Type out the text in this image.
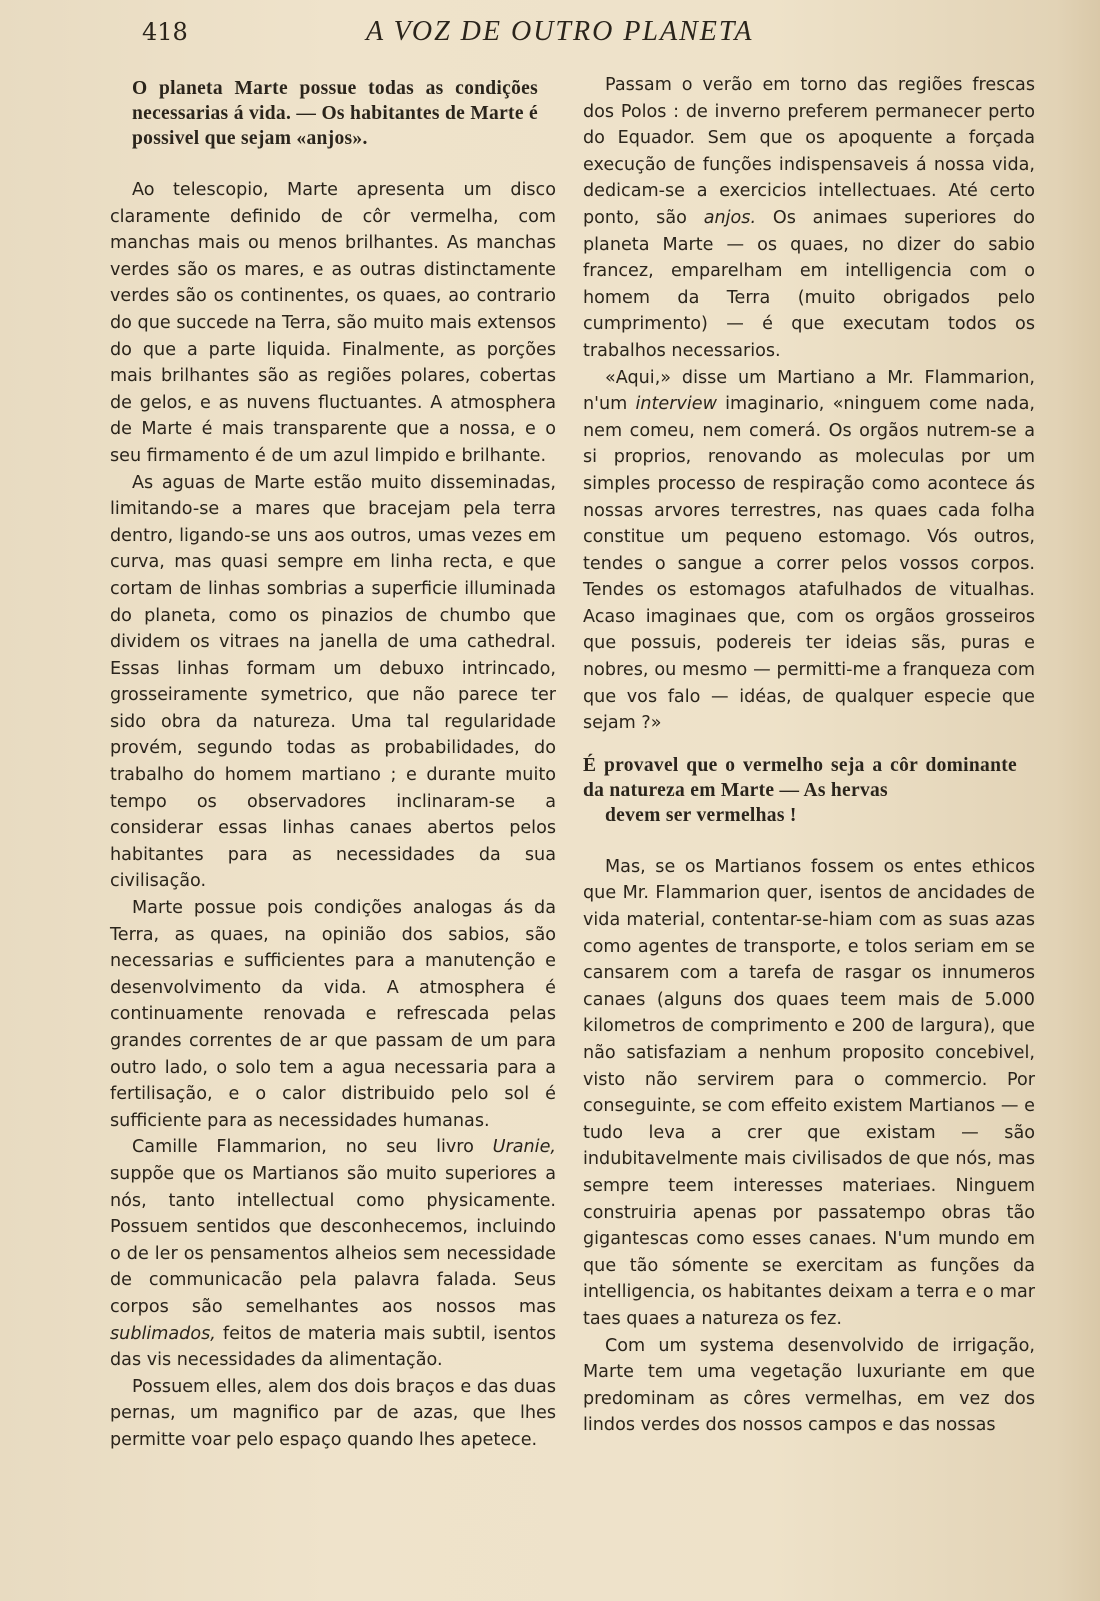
418	A VOZ DE OUTRO PLANETA

O planeta Marte possue todas as condições necessarias á vida. — Os habitantes de Marte é possivel que sejam «anjos».

Ao telescopio, Marte apresenta um disco claramente definido de côr vermelha, com manchas mais ou menos brilhantes. As manchas verdes são os mares, e as outras distinctamente verdes são os continentes, os quaes, ao contrario do que succede na Terra, são muito mais extensos do que a parte liquida. Finalmente, as porções mais brilhantes são as regiões polares, cobertas de gelos, e as nuvens fluctuantes. A atmosphera de Marte é mais transparente que a nossa, e o seu firmamento é de um azul limpido e brilhante.

As aguas de Marte estão muito disseminadas, limitando-se a mares que bracejam pela terra dentro, ligando-se uns aos outros, umas vezes em curva, mas quasi sempre em linha recta, e que cortam de linhas sombrias a superficie illuminada do planeta, como os pinazios de chumbo que dividem os vitraes na janella de uma cathedral. Essas linhas formam um debuxo intrincado, grosseiramente symetrico, que não parece ter sido obra da natureza. Uma tal regularidade provém, segundo todas as probabilidades, do trabalho do homem martiano ; e durante muito tempo os observadores inclinaram-se a considerar essas linhas canaes abertos pelos habitantes para as necessidades da sua civilisação.

Marte possue pois condições analogas ás da Terra, as quaes, na opinião dos sabios, são necessarias e sufficientes para a manutenção e desenvolvimento da vida. A atmosphera é continuamente renovada e refrescada pelas grandes correntes de ar que passam de um para outro lado, o solo tem a agua necessaria para a fertilisação, e o calor distribuido pelo sol é sufficiente para as necessidades humanas.

Camille Flammarion, no seu livro Uranie, suppõe que os Martianos são muito superiores a nós, tanto intellectual como physicamente. Possuem sentidos que desconhecemos, incluindo o de ler os pensamentos alheios sem necessidade de communicacão pela palavra falada. Seus corpos são semelhantes aos nossos mas sublimados, feitos de materia mais subtil, isentos das vis necessidades da alimentação.

Possuem elles, alem dos dois braços e das duas pernas, um magnifico par de azas, que lhes permitte voar pelo espaço quando lhes apetece.

Passam o verão em torno das regiões frescas dos Polos : de inverno preferem permanecer perto do Equador. Sem que os apoquente a forçada execução de funções indispensaveis á nossa vida, dedicam-se a exercicios intellectuaes. Até certo ponto, são anjos. Os animaes superiores do planeta Marte — os quaes, no dizer do sabio francez, emparelham em intelligencia com o homem da Terra (muito obrigados pelo cumprimento) — é que executam todos os trabalhos necessarios.

«Aqui,» disse um Martiano a Mr. Flammarion, n'um interview imaginario, «ninguem come nada, nem comeu, nem comerá. Os orgãos nutrem-se a si proprios, renovando as moleculas por um simples processo de respiração como acontece ás nossas arvores terrestres, nas quaes cada folha constitue um pequeno estomago. Vós outros, tendes o sangue a correr pelos vossos corpos. Tendes os estomagos atafulhados de vitualhas. Acaso imaginaes que, com os orgãos grosseiros que possuis, podereis ter ideias sãs, puras e nobres, ou mesmo — permitti-me a franqueza com que vos falo — idéas, de qualquer especie que sejam ?»

É provavel que o vermelho seja a côr dominante da natureza em Marte — As hervas
devem ser vermelhas !

Mas, se os Martianos fossem os entes ethicos que Mr. Flammarion quer, isentos de ancidades de vida material, contentar-se-hiam com as suas azas como agentes de transporte, e tolos seriam em se cansarem com a tarefa de rasgar os innumeros canaes (alguns dos quaes teem mais de 5.000 kilometros de comprimento e 200 de largura), que não satisfaziam a nenhum proposito concebivel, visto não servirem para o commercio. Por conseguinte, se com effeito existem Martianos — e tudo leva a crer que existam — são indubitavelmente mais civilisados de que nós, mas sempre teem interesses materiaes. Ninguem construiria apenas por passatempo obras tão gigantescas como esses canaes. N'um mundo em que tão sómente se exercitam as funções da intelligencia, os habitantes deixam a terra e o mar taes quaes a natureza os fez.

Com um systema desenvolvido de irrigação, Marte tem uma vegetação luxuriante em que predominam as côres vermelhas, em vez dos lindos verdes dos nossos campos e das nossas
